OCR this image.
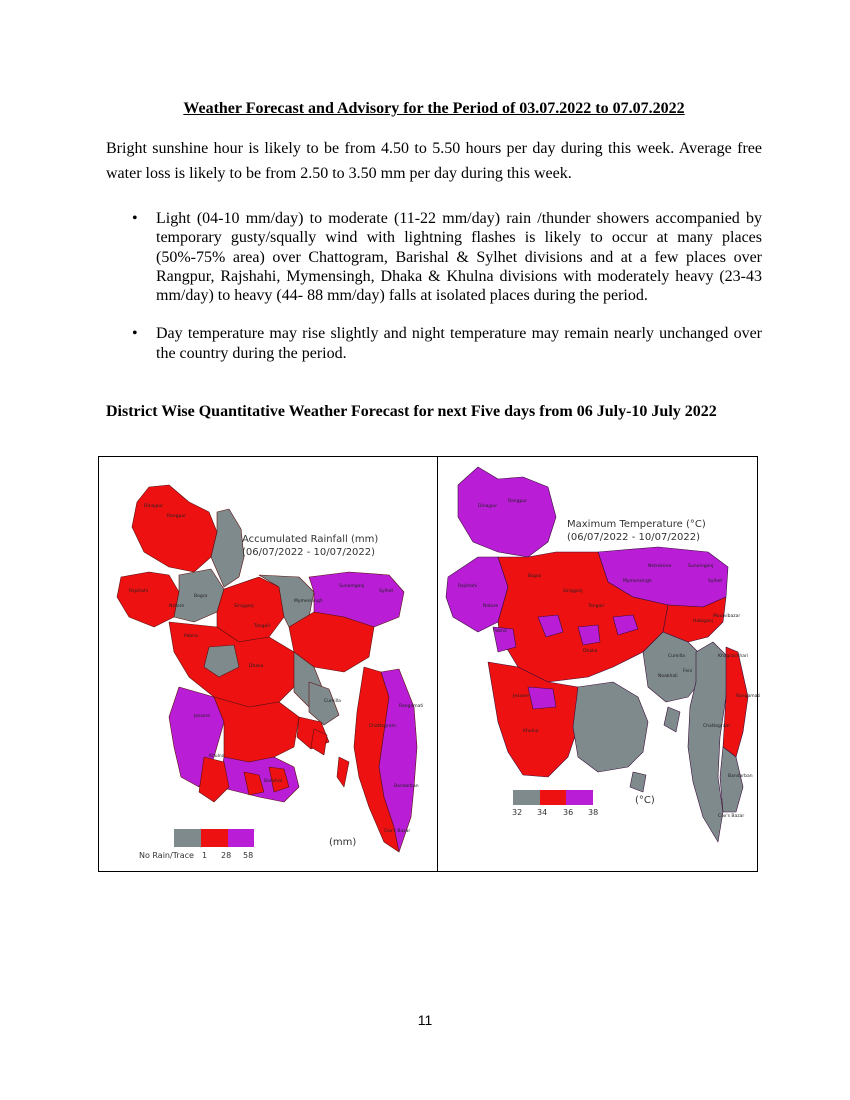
Weather Forecast and Advisory for the Period of 03.07.2022 to 07.07.2022
Bright sunshine hour is likely to be from 4.50 to 5.50 hours per day during this week. Average free water loss is likely to be from 2.50 to 3.50 mm per day during this week.
• Light (04-10 mm/day) to moderate (11-22 mm/day) rain /thunder showers accompanied by temporary gusty/squally wind with lightning flashes is likely to occur at many places (50%-75% area) over Chattogram, Barishal & Sylhet divisions and at a few places over Rangpur, Rajshahi, Mymensingh, Dhaka & Khulna divisions with moderately heavy (23-43 mm/day) to heavy (44- 88 mm/day) falls at isolated places during the period.
• Day temperature may rise slightly and night temperature may remain nearly unchanged over the country during the period.
District Wise Quantitative Weather Forecast for next Five days from 06 July-10 July 2022
Rangpur
Dinajpur
Bogra
Rajshahi
Natore
Pabna
Sirajganj
Tangail
Mymensingh
Sunamganj
Sylhet
Dhaka
Cumilla
Jessore
Khulna
Barishal
Chattogram
Rangamati
Bandarban
Cox's Bazar
Accumulated Rainfall (mm)
(06/07/2022 - 10/07/2022)
No Rain/Trace 1 28 58
(mm)
Rangpur
Dinajpur
Bogra
Rajshahi
Natore
Pabna
Sirajganj
Tangail
Mymensingh
Netrokona	Sunamganj
Sylhet
Habiganj
Moulvibazar
Dhaka
Cumilla
Jessore
Khulna
Noakhali
Feni
Khagrachhari
Chattogram
Rangamati
Bandarban
Cox's Bazar
Maximum Temperature (°C)
(06/07/2022 - 10/07/2022)
32 34 36 38
(°C)
11
